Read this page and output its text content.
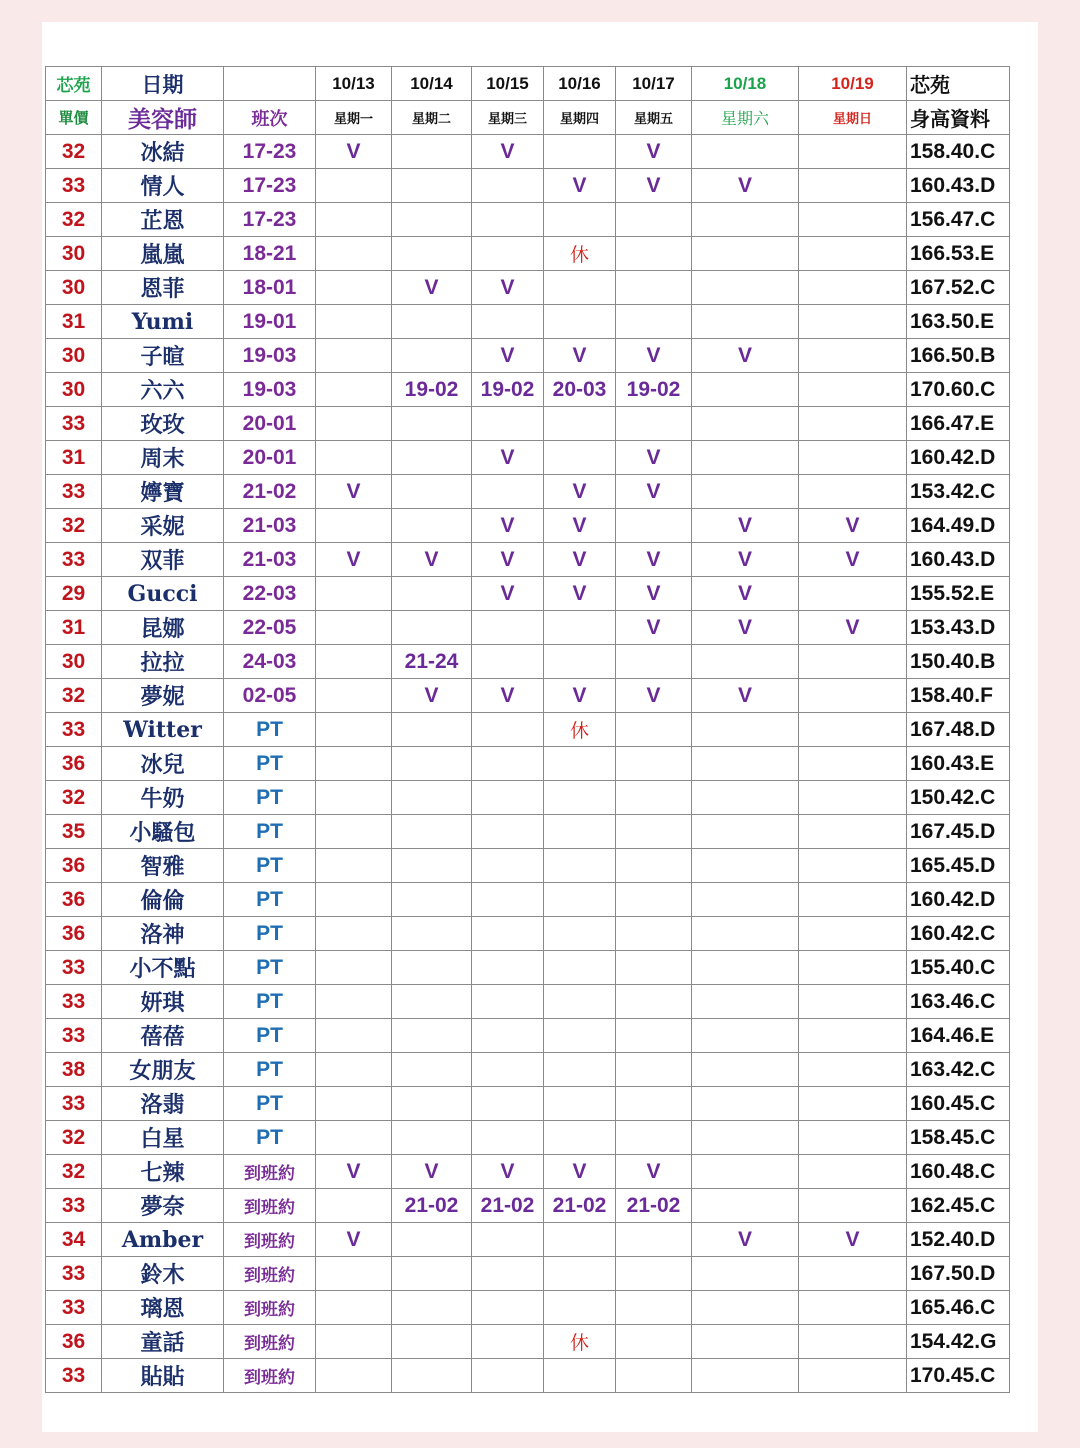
芯苑	日期		10/13	10/14	10/15	10/16	10/17	10/18	10/19	芯苑
單價	美容師	班次	星期一	星期二	星期三	星期四	星期五	星期六	星期日	身高資料
32	冰結	17-23	V		V		V			158.40.C
33	情人	17-23				V	V	V		160.43.D
32	芷恩	17-23								156.47.C
30	嵐嵐	18-21				休				166.53.E
30	恩菲	18-01		V	V					167.52.C
31	Yumi	19-01								163.50.E
30	子暄	19-03			V	V	V	V		166.50.B
30	六六	19-03		19-02	19-02	20-03	19-02			170.60.C
33	玫玫	20-01								166.47.E
31	周末	20-01			V		V			160.42.D
33	嬣寶	21-02	V			V	V			153.42.C
32	采妮	21-03			V	V		V	V	164.49.D
33	双菲	21-03	V	V	V	V	V	V	V	160.43.D
29	Gucci	22-03			V	V	V	V		155.52.E
31	昆娜	22-05					V	V	V	153.43.D
30	拉拉	24-03		21-24						150.40.B
32	夢妮	02-05		V	V	V	V	V		158.40.F
33	Witter	PT				休				167.48.D
36	冰兒	PT								160.43.E
32	牛奶	PT								150.42.C
35	小騷包	PT								167.45.D
36	智雅	PT								165.45.D
36	倫倫	PT								160.42.D
36	洛神	PT								160.42.C
33	小不點	PT								155.40.C
33	妍琪	PT								163.46.C
33	蓓蓓	PT								164.46.E
38	女朋友	PT								163.42.C
33	洛翡	PT								160.45.C
32	白星	PT								158.45.C
32	七辣	到班約	V	V	V	V	V			160.48.C
33	夢奈	到班約		21-02	21-02	21-02	21-02			162.45.C
34	Amber	到班約	V					V	V	152.40.D
33	鈴木	到班約								167.50.D
33	璃恩	到班約								165.46.C
36	童話	到班約				休				154.42.G
33	貼貼	到班約								170.45.C
